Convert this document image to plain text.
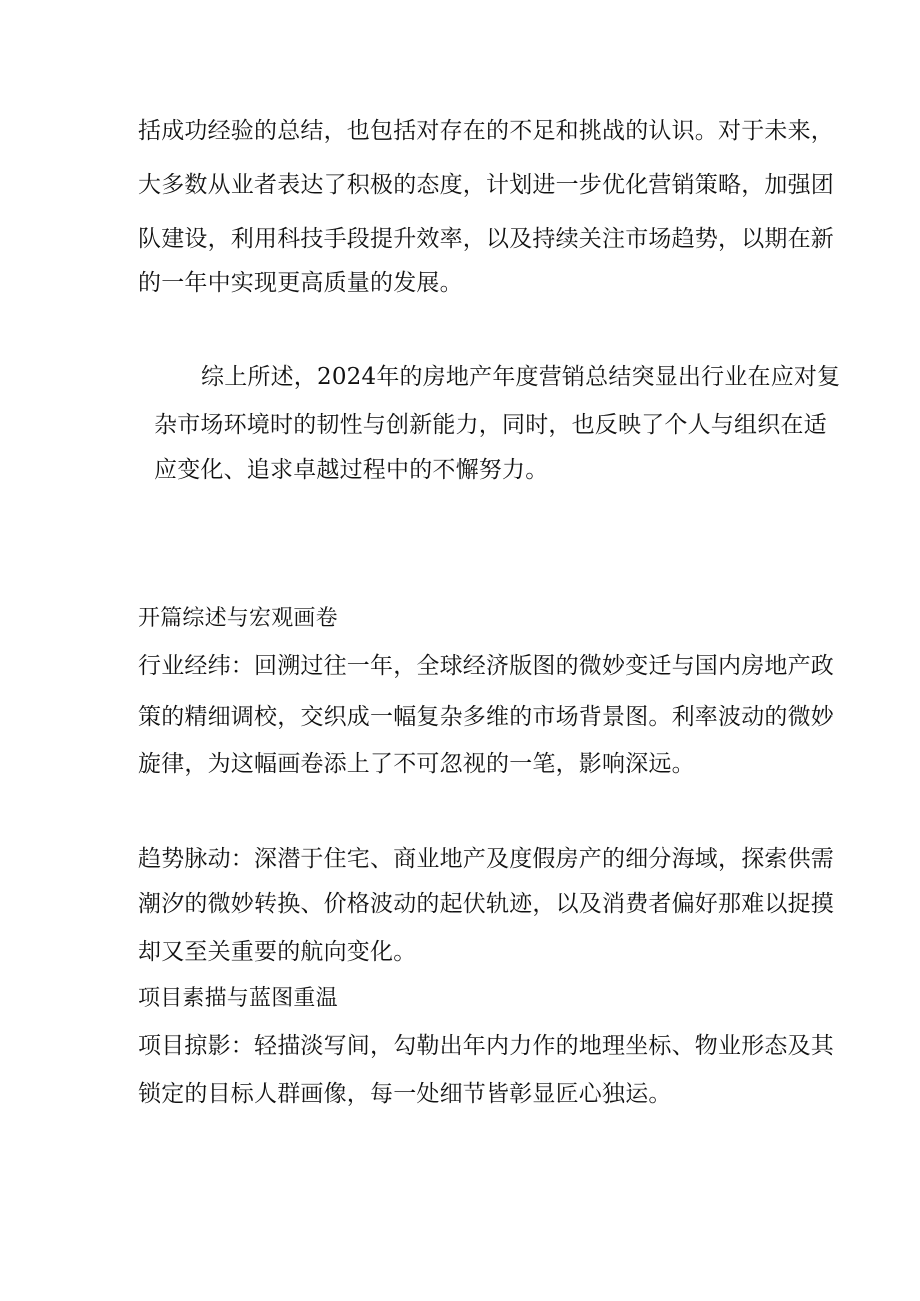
括成功经验的总结，也包括对存在的不足和挑战的认识。对于未来，
大多数从业者表达了积极的态度，计划进一步优化营销策略，加强团
队建设，利用科技手段提升效率，以及持续关注市场趋势，以期在新
的一年中实现更高质量的发展。
综上所述，2024年的房地产年度营销总结突显出行业在应对复
杂市场环境时的韧性与创新能力，同时，也反映了个人与组织在适
应变化、追求卓越过程中的不懈努力。
开篇综述与宏观画卷
行业经纬：回溯过往一年，全球经济版图的微妙变迁与国内房地产政
策的精细调校，交织成一幅复杂多维的市场背景图。利率波动的微妙
旋律，为这幅画卷添上了不可忽视的一笔，影响深远。
趋势脉动：深潜于住宅、商业地产及度假房产的细分海域，探索供需
潮汐的微妙转换、价格波动的起伏轨迹，以及消费者偏好那难以捉摸
却又至关重要的航向变化。
项目素描与蓝图重温
项目掠影：轻描淡写间，勾勒出年内力作的地理坐标、物业形态及其
锁定的目标人群画像，每一处细节皆彰显匠心独运。
